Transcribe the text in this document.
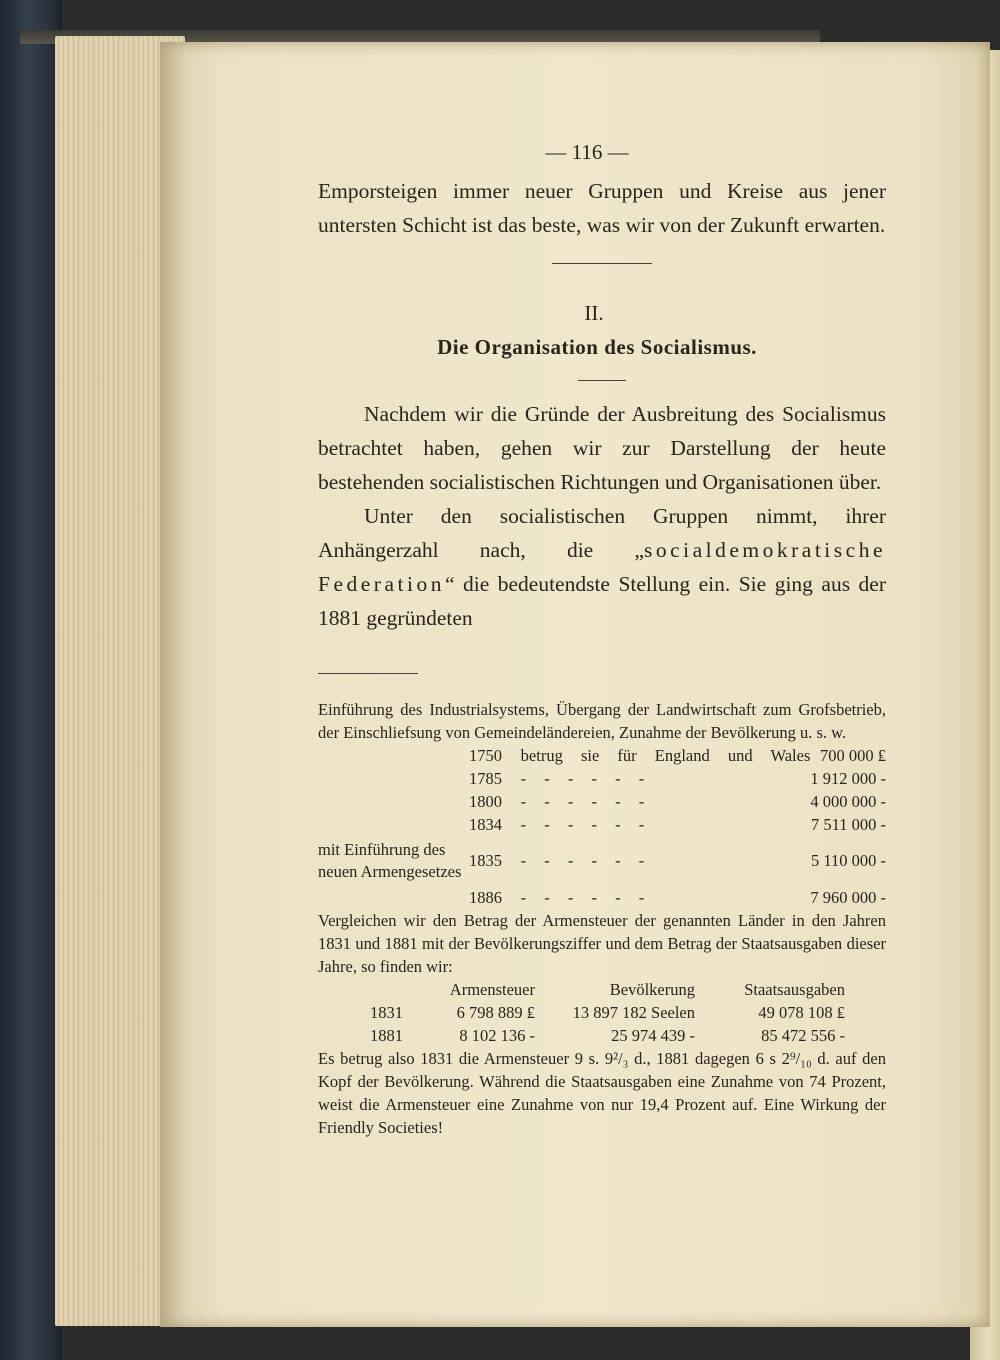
— 116 —

Emporsteigen immer neuer Gruppen und Kreise aus jener untersten Schicht ist das beste, was wir von der Zukunft erwarten.

II.
Die Organisation des Socialismus.

Nachdem wir die Gründe der Ausbreitung des Socialismus betrachtet haben, gehen wir zur Darstellung der heute bestehenden socialistischen Richtungen und Organisationen über.

Unter den socialistischen Gruppen nimmt, ihrer Anhängerzahl nach, die „socialdemokratische Federation“ die bedeutendste Stellung ein. Sie ging aus der 1881 gegründeten

Einführung des Industrialsystems, Übergang der Landwirtschaft zum Grofsbetrieb, der Einschliefsung von Gemeindeländereien, Zunahme der Bevölkerung u. s. w.

	1750	betrug sie für England und Wales	700 000 ₤
	1785	- - - - - -	1 912 000 -
	1800	- - - - - -	4 000 000 -
	1834	- - - - - -	7 511 000 -
mit Einführung des neuen Armengesetzes	1835	- - - - - -	5 110 000 -
	1886	- - - - - -	7 960 000 -

Vergleichen wir den Betrag der Armensteuer der genannten Länder in den Jahren 1831 und 1881 mit der Bevölkerungsziffer und dem Betrag der Staatsausgaben dieser Jahre, so finden wir:

	Armensteuer	Bevölkerung	Staatsausgaben	
1831	6 798 889 ₤	13 897 182 Seelen	49 078 108 ₤	
1881	8 102 136 -	25 974 439 -	85 472 556 -	

Es betrug also 1831 die Armensteuer 9 s. 9²/₃ d., 1881 dagegen 6 s 2⁹/₁₀ d. auf den Kopf der Bevölkerung. Während die Staatsausgaben eine Zunahme von 74 Prozent, weist die Armensteuer eine Zunahme von nur 19,4 Prozent auf. Eine Wirkung der Friendly Societies!
